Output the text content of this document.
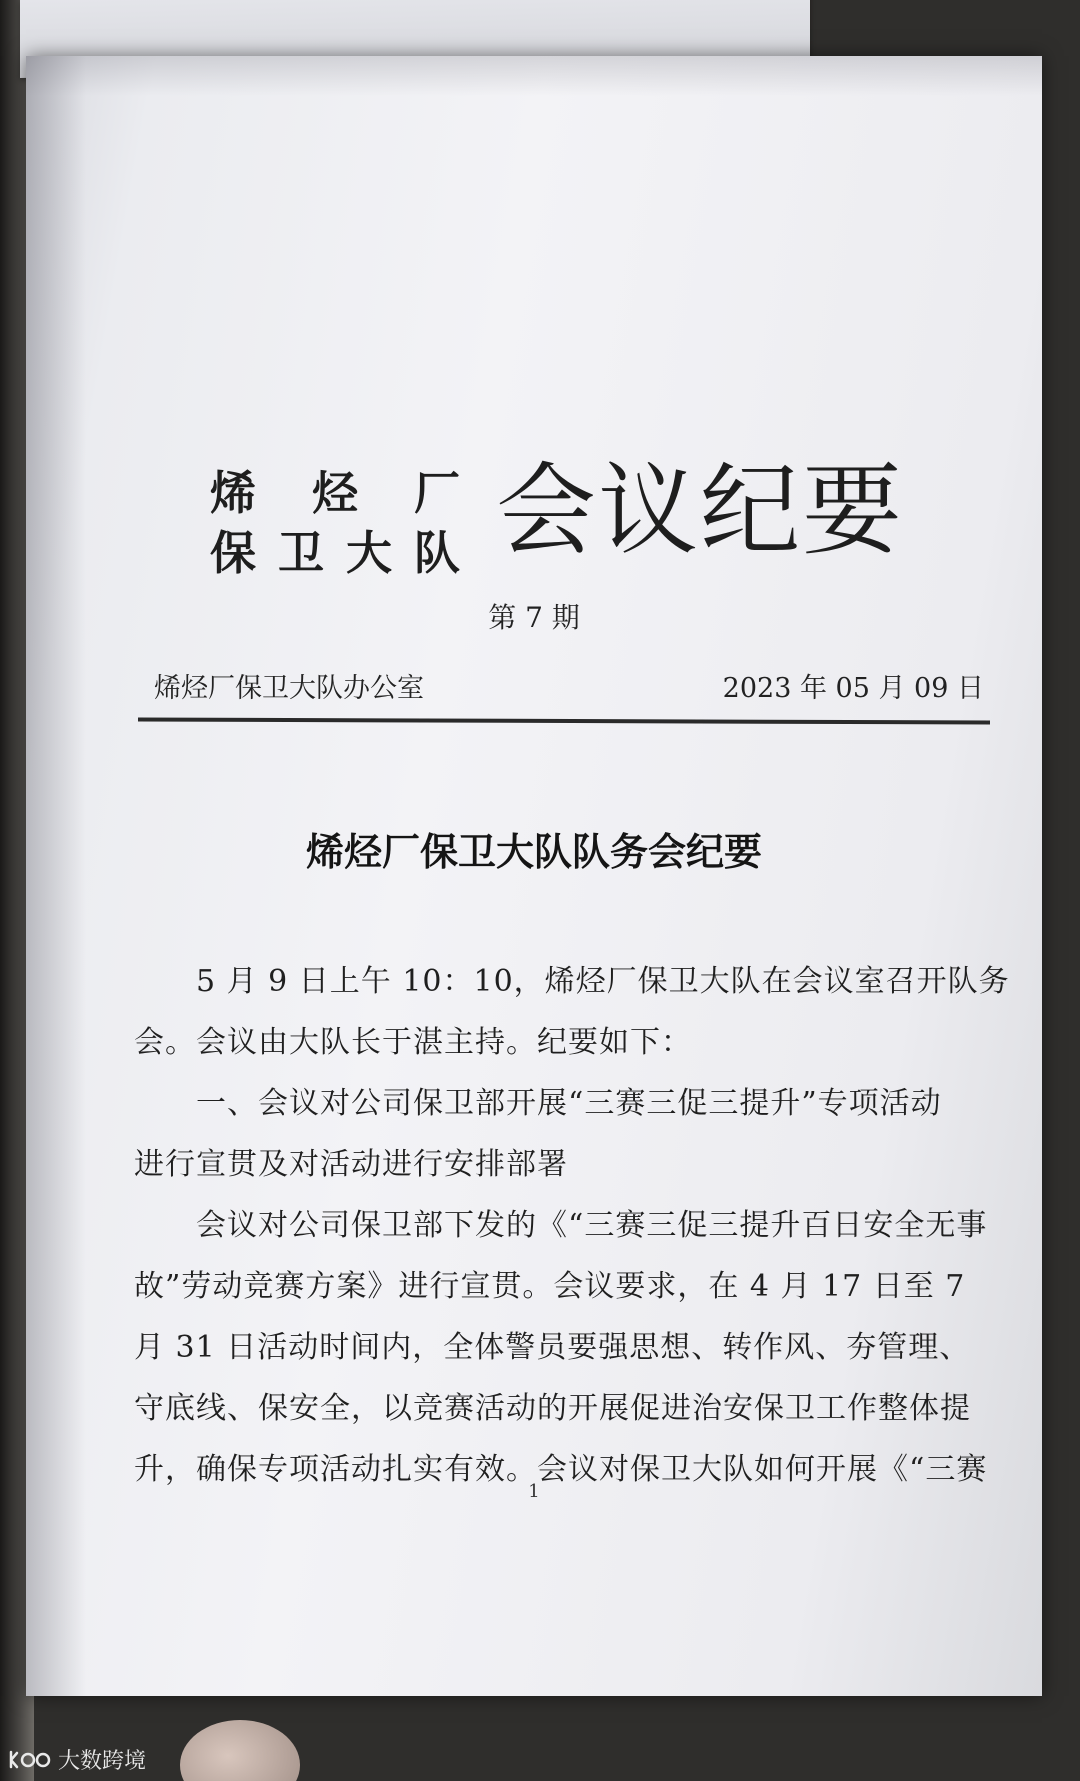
烯 烃 厂
保 卫 大 队 会议纪要
第 7 期
烯烃厂保卫大队办公室	2023 年 05 月 09 日
烯烃厂保卫大队队务会纪要
5 月 9 日上午 10：10，烯烃厂保卫大队在会议室召开队务
会。会议由大队长于湛主持。纪要如下：
一、会议对公司保卫部开展“三赛三促三提升”专项活动
进行宣贯及对活动进行安排部署
会议对公司保卫部下发的《“三赛三促三提升百日安全无事
故”劳动竞赛方案》进行宣贯。会议要求，在 4 月 17 日至 7
月 31 日活动时间内，全体警员要强思想、转作风、夯管理、
守底线、保安全，以竞赛活动的开展促进治安保卫工作整体提
升，确保专项活动扎实有效。会议对保卫大队如何开展《“三赛
1
大数跨境
